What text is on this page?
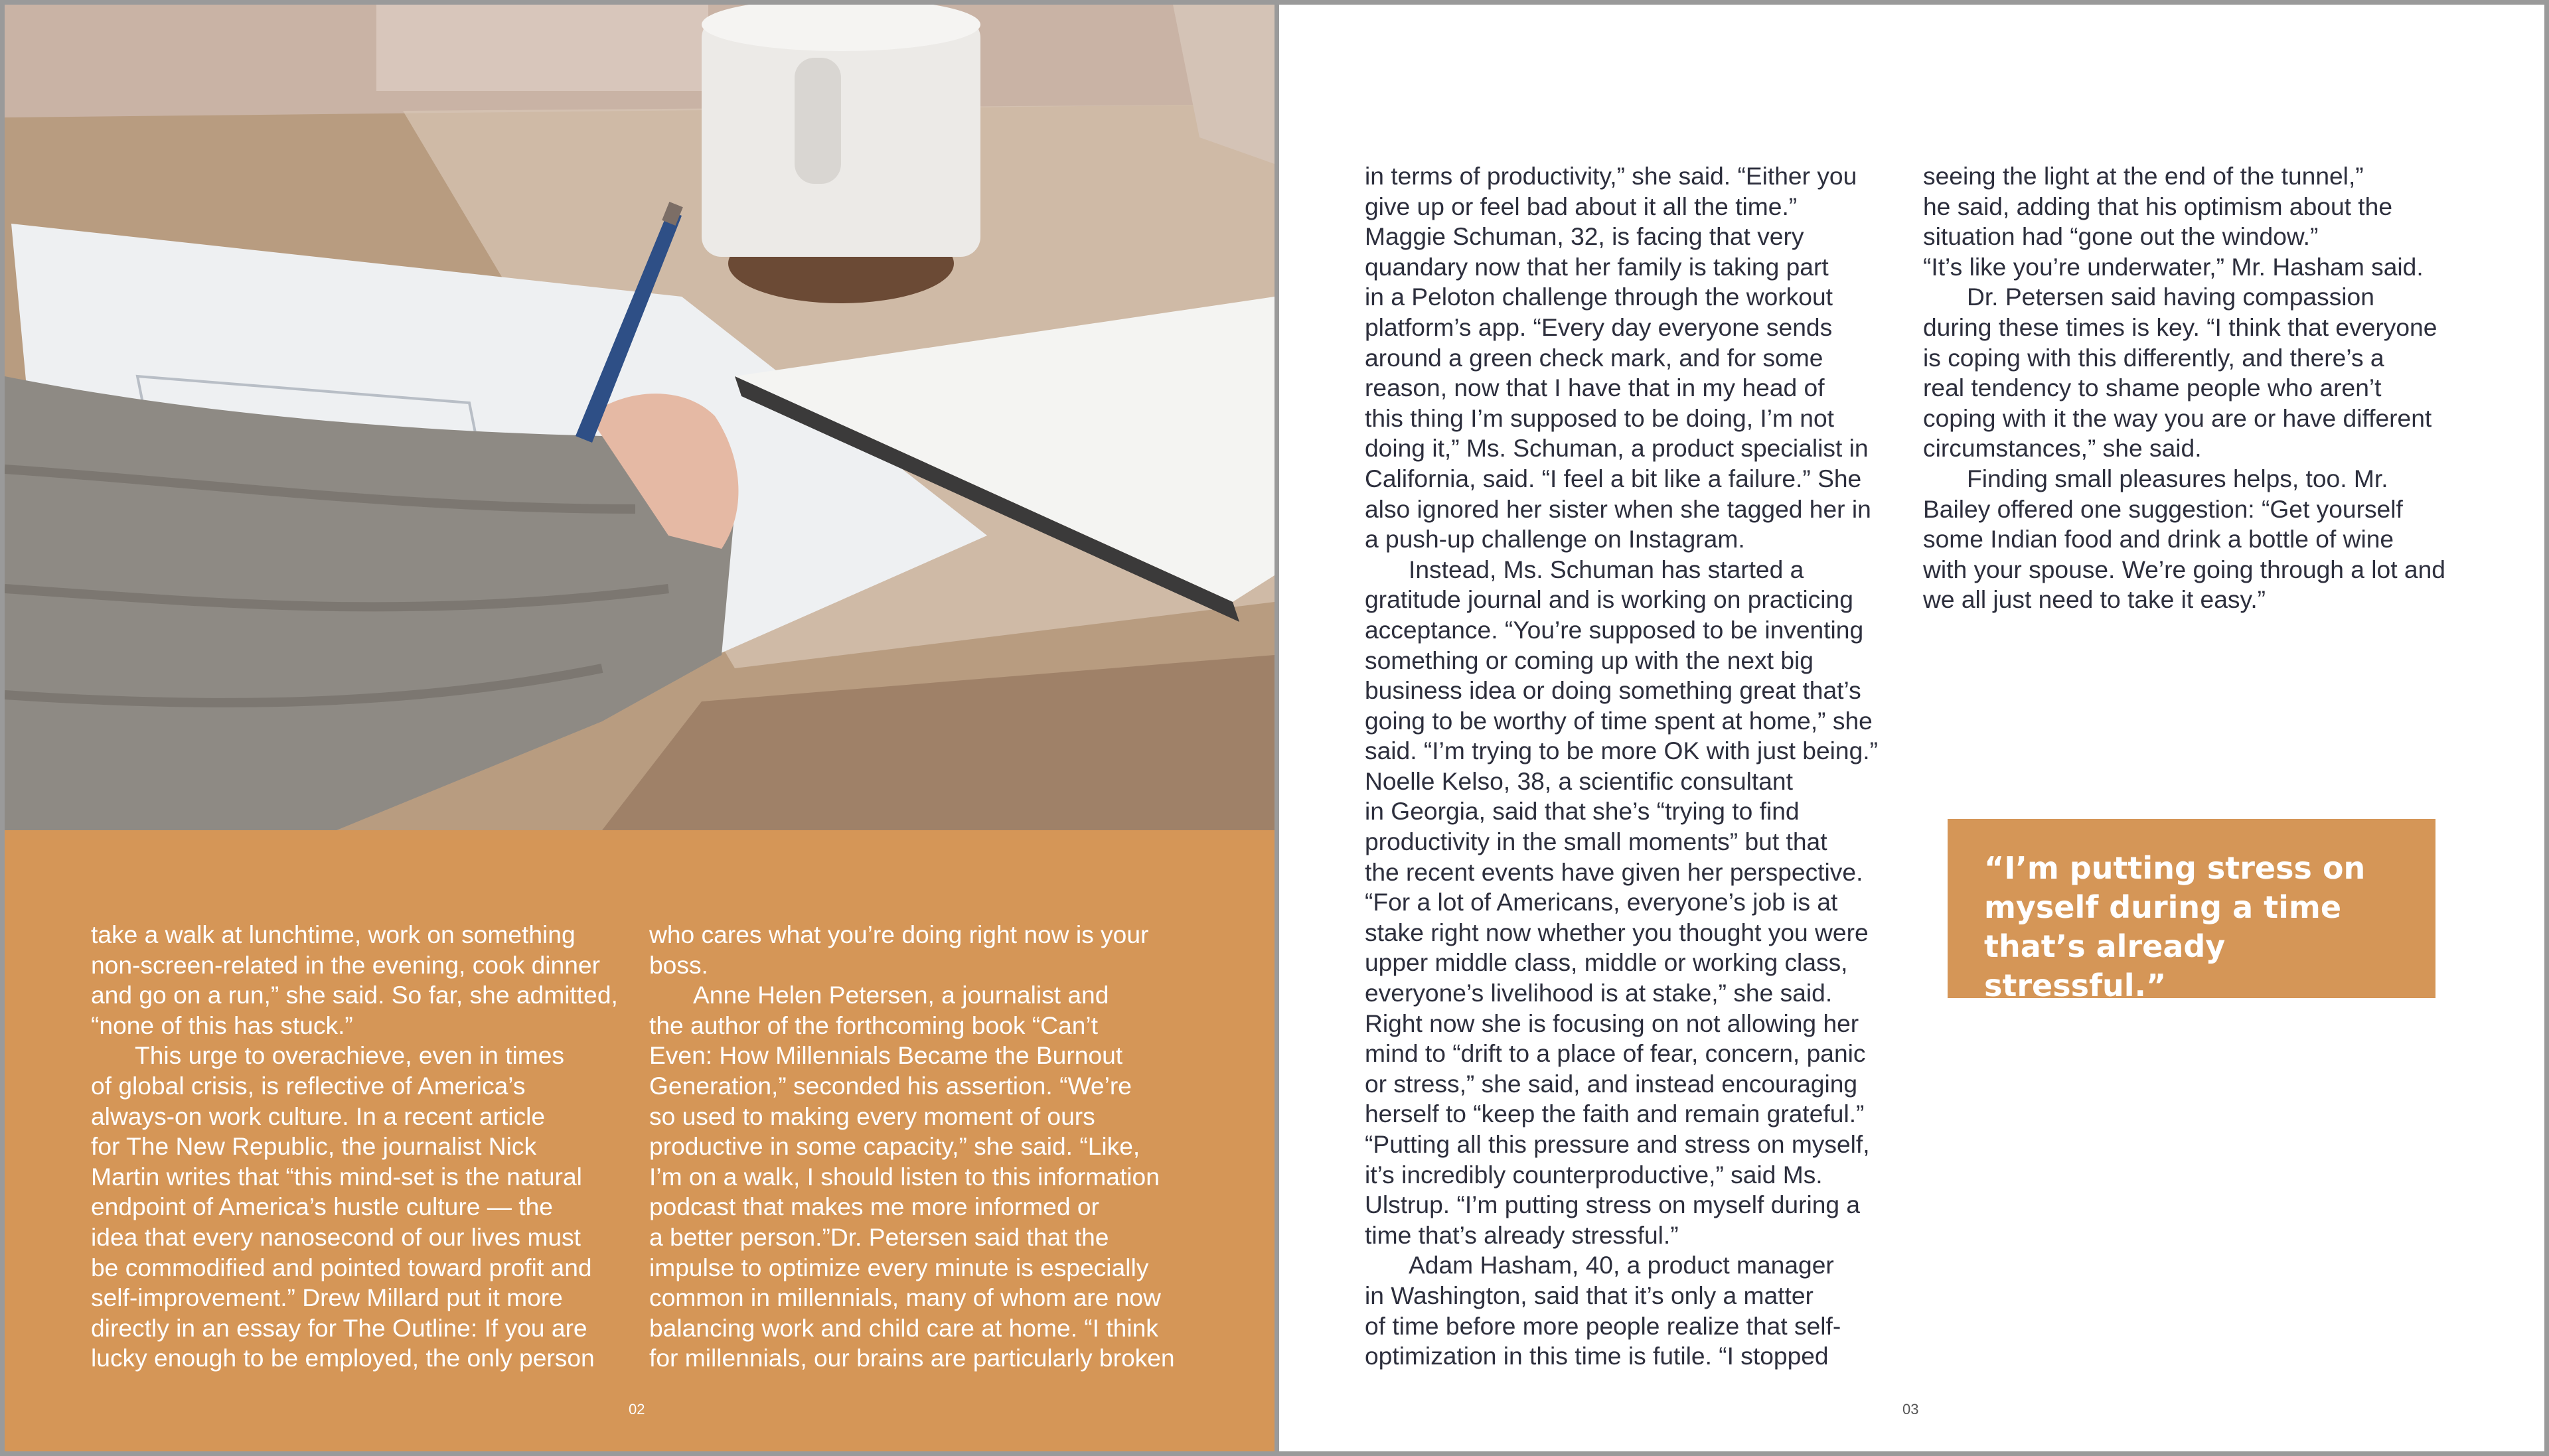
take a walk at lunchtime, work on something
non-screen-related in the evening, cook dinner
and go on a run,” she said. So far, she admitted,
“none of this has stuck.”

This urge to overachieve, even in times
of global crisis, is reflective of America’s
always-on work culture. In a recent article
for The New Republic, the journalist Nick
Martin writes that “this mind-set is the natural
endpoint of America’s hustle culture — the
idea that every nanosecond of our lives must
be commodified and pointed toward profit and
self-improvement.” Drew Millard put it more
directly in an essay for The Outline: If you are
lucky enough to be employed, the only person

who cares what you’re doing right now is your
boss.

Anne Helen Petersen, a journalist and
the author of the forthcoming book “Can’t
Even: How Millennials Became the Burnout
Generation,” seconded his assertion. “We’re
so used to making every moment of ours
productive in some capacity,” she said. “Like,
I’m on a walk, I should listen to this information
podcast that makes me more informed or
a better person.”Dr. Petersen said that the
impulse to optimize every minute is especially
common in millennials, many of whom are now
balancing work and child care at home. “I think
for millennials, our brains are particularly broken

02

in terms of productivity,” she said. “Either you
give up or feel bad about it all the time.”
Maggie Schuman, 32, is facing that very
quandary now that her family is taking part
in a Peloton challenge through the workout
platform’s app. “Every day everyone sends
around a green check mark, and for some
reason, now that I have that in my head of
this thing I’m supposed to be doing, I’m not
doing it,” Ms. Schuman, a product specialist in
California, said. “I feel a bit like a failure.” She
also ignored her sister when she tagged her in
a push-up challenge on Instagram.

Instead, Ms. Schuman has started a
gratitude journal and is working on practicing
acceptance. “You’re supposed to be inventing
something or coming up with the next big
business idea or doing something great that’s
going to be worthy of time spent at home,” she
said. “I’m trying to be more OK with just being.”
Noelle Kelso, 38, a scientific consultant
in Georgia, said that she’s “trying to find
productivity in the small moments” but that
the recent events have given her perspective.
“For a lot of Americans, everyone’s job is at
stake right now whether you thought you were
upper middle class, middle or working class,
everyone’s livelihood is at stake,” she said.
Right now she is focusing on not allowing her
mind to “drift to a place of fear, concern, panic
or stress,” she said, and instead encouraging
herself to “keep the faith and remain grateful.”
“Putting all this pressure and stress on myself,
it’s incredibly counterproductive,” said Ms.
Ulstrup. “I’m putting stress on myself during a
time that’s already stressful.”

Adam Hasham, 40, a product manager
in Washington, said that it’s only a matter
of time before more people realize that self-
optimization in this time is futile. “I stopped

seeing the light at the end of the tunnel,”
he said, adding that his optimism about the
situation had “gone out the window.”
“It’s like you’re underwater,” Mr. Hasham said.

Dr. Petersen said having compassion
during these times is key. “I think that everyone
is coping with this differently, and there’s a
real tendency to shame people who aren’t
coping with it the way you are or have different
circumstances,” she said.

Finding small pleasures helps, too. Mr.
Bailey offered one suggestion: “Get yourself
some Indian food and drink a bottle of wine
with your spouse. We’re going through a lot and
we all just need to take it easy.”

“I’m putting stress on
myself during a time
that’s already stressful.”
03
